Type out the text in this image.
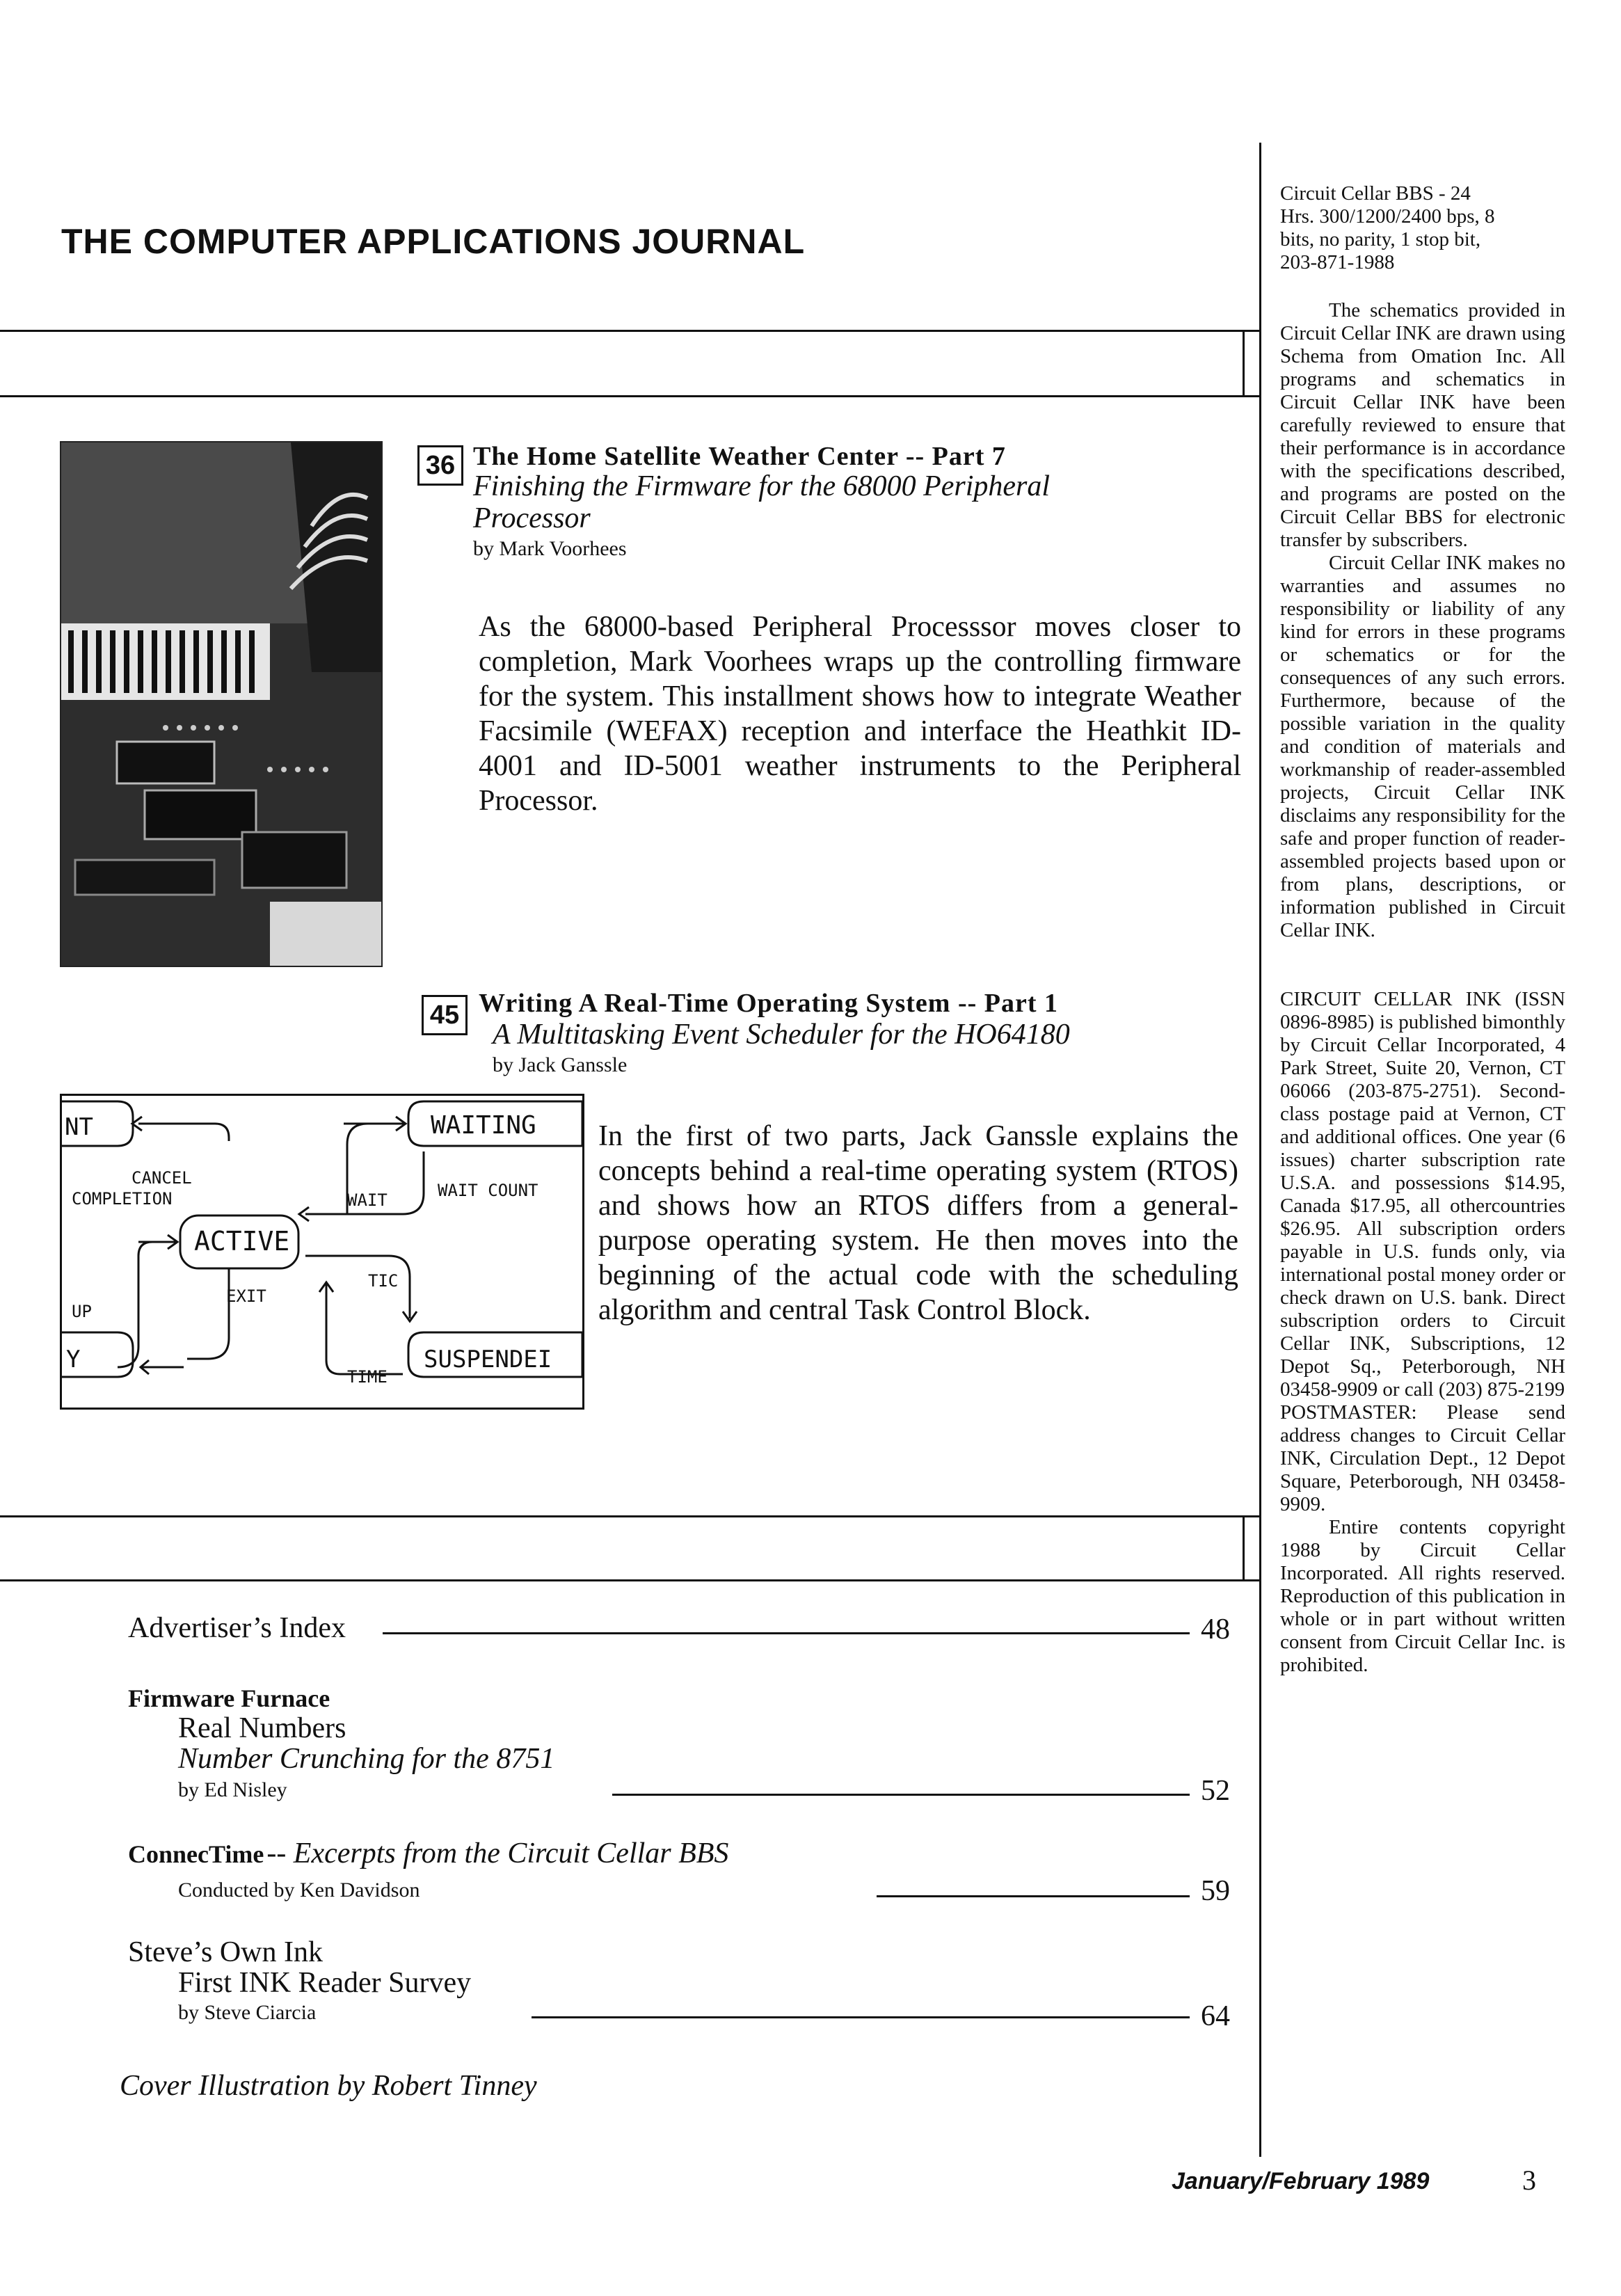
THE COMPUTER APPLICATIONS JOURNAL

Circuit Cellar BBS - 24

Hrs. 300/1200/2400 bps, 8

bits, no parity, 1 stop bit,

203-871-1988

The schematics provided in Circuit Cellar INK are drawn using Schema from Omation Inc. All programs and schematics in Circuit Cellar INK have been carefully reviewed to ensure that their performance is in accordance with the specifications described, and programs are posted on the Circuit Cellar BBS for electronic transfer by subscribers.

Circuit Cellar INK makes no warranties and assumes no responsibility or liability of any kind for errors in these programs or schematics or for the consequences of any such errors. Furthermore, because of the possible variation in the quality and condition of materials and workmanship of reader-assembled projects, Circuit Cellar INK disclaims any responsibility for the safe and proper function of reader-assembled projects based upon or from plans, descriptions, or information published in Circuit Cellar INK.

CIRCUIT CELLAR INK (ISSN 0896-8985) is published bimonthly by Circuit Cellar Incorporated, 4 Park Street, Suite 20, Vernon, CT 06066 (203-875-2751). Second-class postage paid at Vernon, CT and additional offices. One year (6 issues) charter subscription rate U.S.A. and possessions $14.95, Canada $17.95, all othercountries $26.95. All subscription orders payable in U.S. funds only, via international postal money order or check drawn on U.S. bank. Direct subscription orders to Circuit Cellar INK, Subscriptions, 12 Depot Sq., Peterborough, NH 03458-9909 or call (203) 875-2199

POSTMASTER: Please send address changes to Circuit Cellar INK, Circulation Dept., 12 Depot Square, Peterborough, NH 03458-9909.

Entire contents copyright 1988 by Circuit Cellar Incorporated. All rights reserved. Reproduction of this publication in whole or in part without written consent from Circuit Cellar Inc. is prohibited.

36 The Home Satellite Weather Center -- Part 7
Finishing the Firmware for the 68000 Peripheral Processor
by Mark Voorhees
As the 68000-based Peripheral Processsor moves closer to completion, Mark Voorhees wraps up the controlling firmware for the system. This installment shows how to integrate Weather Facsimile (WEFAX) reception and interface the Heathkit ID-4001 and ID-5001 weather instruments to the Peripheral Processor.
45 Writing A Real-Time Operating System -- Part 1
A Multitasking Event Scheduler for the HO64180
by Jack Ganssle
In the first of two parts, Jack Ganssle explains the concepts behind a real-time operating system (RTOS) and shows how an RTOS differs from a general-purpose operating system. He then moves into the beginning of the actual code with the scheduling algorithm and central Task Control Block.
NT
CANCEL
COMPLETION	WAIT
WAITING
WAIT COUNT
ACTIVE
TIC
EXIT
UP
Y
TIME
SUSPENDEI
Advertiser’s Index	48
Firmware Furnace
Real Numbers
Number Crunching for the 8751
by Ed Nisley	52
ConnecTime -- Excerpts from the Circuit Cellar BBS
Conducted by Ken Davidson	59
Steve’s Own Ink
First INK Reader Survey
by Steve Ciarcia	64
Cover Illustration by Robert Tinney
January/February 1989	3
